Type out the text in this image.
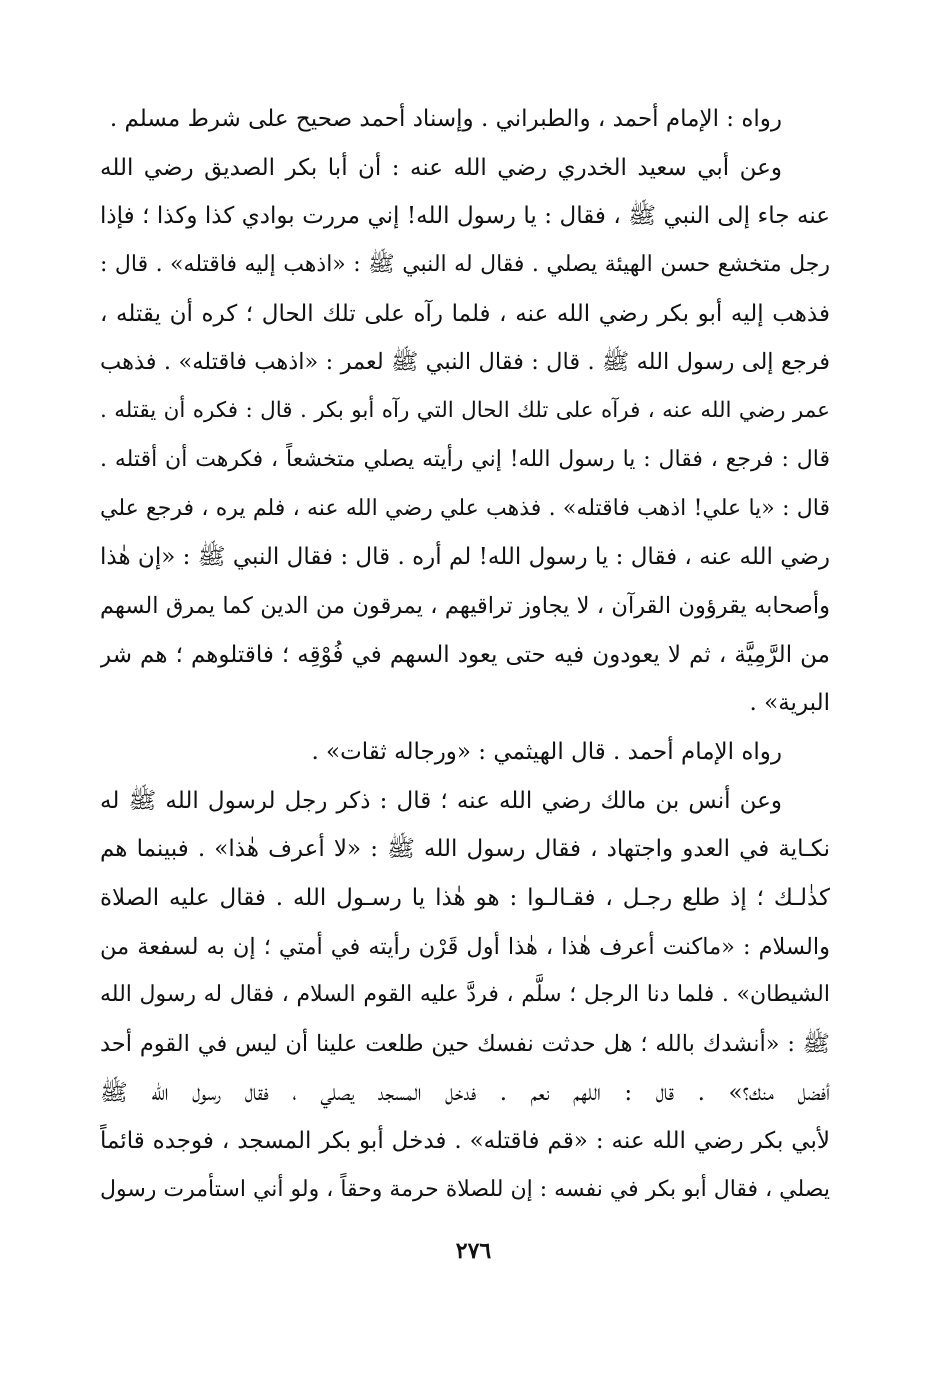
رواه : الإمام أحمد ، والطبراني . وإسناد أحمد صحيح على شرط مسلم .
وعن أبي سعيد الخدري رضي الله عنه : أن أبا بكر الصديق رضي الله
عنه جاء إلى النبي ﷺ ، فقال : يا رسول الله! إني مررت بوادي كذا وكذا ؛ فإذا
رجل متخشع حسن الهيئة يصلي . فقال له النبي ﷺ : «اذهب إليه فاقتله» . قال :
فذهب إليه أبو بكر رضي الله عنه ، فلما رآه على تلك الحال ؛ كره أن يقتله ،
فرجع إلى رسول الله ﷺ . قال : فقال النبي ﷺ لعمر : «اذهب فاقتله» . فذهب
عمر رضي الله عنه ، فرآه على تلك الحال التي رآه أبو بكر . قال : فكره أن يقتله .
قال : فرجع ، فقال : يا رسول الله! إني رأيته يصلي متخشعاً ، فكرهت أن أقتله .
قال : «يا علي! اذهب فاقتله» . فذهب علي رضي الله عنه ، فلم يره ، فرجع علي
رضي الله عنه ، فقال : يا رسول الله! لم أره . قال : فقال النبي ﷺ : «إن هٰذا
وأصحابه يقرؤون القرآن ، لا يجاوز تراقيهم ، يمرقون من الدين كما يمرق السهم
من الرَّمِيَّة ، ثم لا يعودون فيه حتى يعود السهم في فُوْقِه ؛ فاقتلوهم ؛ هم شر
البرية» .
رواه الإمام أحمد . قال الهيثمي : «ورجاله ثقات» .
وعن أنس بن مالك رضي الله عنه ؛ قال : ذكر رجل لرسول الله ﷺ له
نكـاية في العدو واجتهاد ، فقال رسول الله ﷺ : «لا أعرف هٰذا» . فبينما هم
كذٰلـك ؛ إذ طلع رجـل ، فقـالـوا : هو هٰذا يا رسـول الله . فقال عليه الصلاة
والسلام : «ماكنت أعرف هٰذا ، هٰذا أول قَرْن رأيته في أمتي ؛ إن به لسفعة من
الشيطان» . فلما دنا الرجل ؛ سلَّم ، فردَّ عليه القوم السلام ، فقال له رسول الله
ﷺ : «أنشدك بالله ؛ هل حدثت نفسك حين طلعت علينا أن ليس في القوم أحد
أفضل منك؟» . قال : اللهم نعم . فدخل المسجد يصلي ، فقال رسول الله ﷺ
لأبي بكر رضي الله عنه : «قم فاقتله» . فدخل أبو بكر المسجد ، فوجده قائماً
يصلي ، فقال أبو بكر في نفسه : إن للصلاة حرمة وحقاً ، ولو أني استأمرت رسول
٢٧٦
